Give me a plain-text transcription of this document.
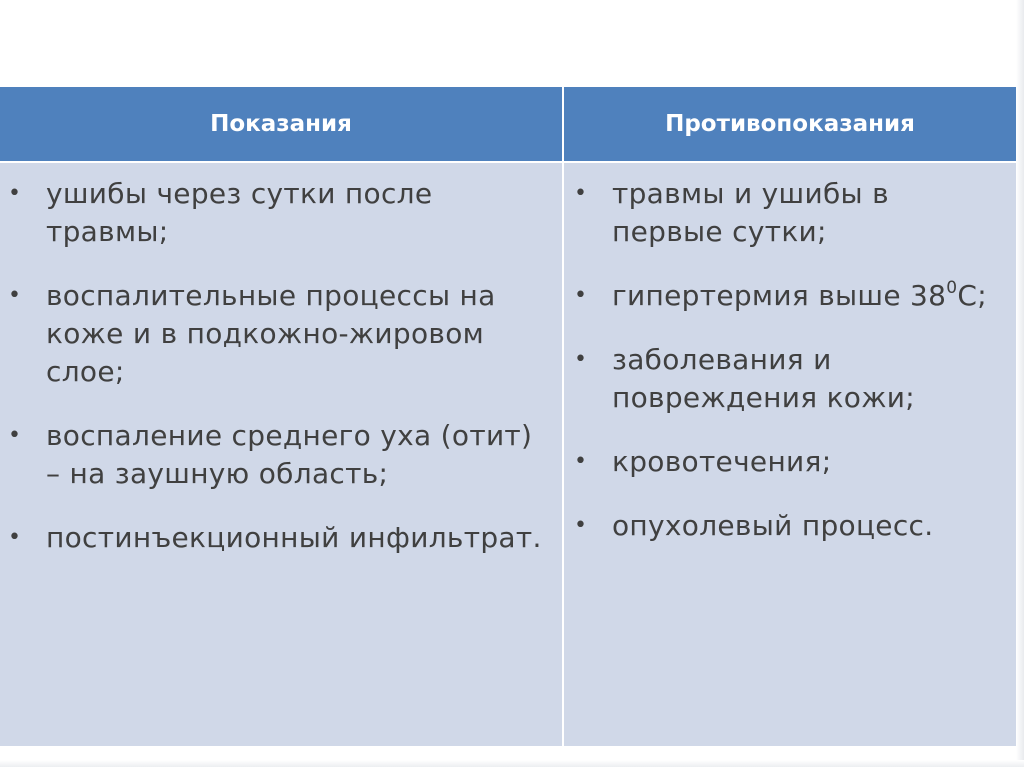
Показания	Противопоказания
• ушибы через сутки после травмы;
• воспалительные процессы на коже и в подкожно-жировом слое;
• воспаление среднего уха (отит) – на заушную область;
• постинъекционный инфильтрат.
• травмы и ушибы в первые сутки;
• гипертермия выше $38^0С$;
• заболевания и повреждения кожи;
• кровотечения;
• опухолевый процесс.
